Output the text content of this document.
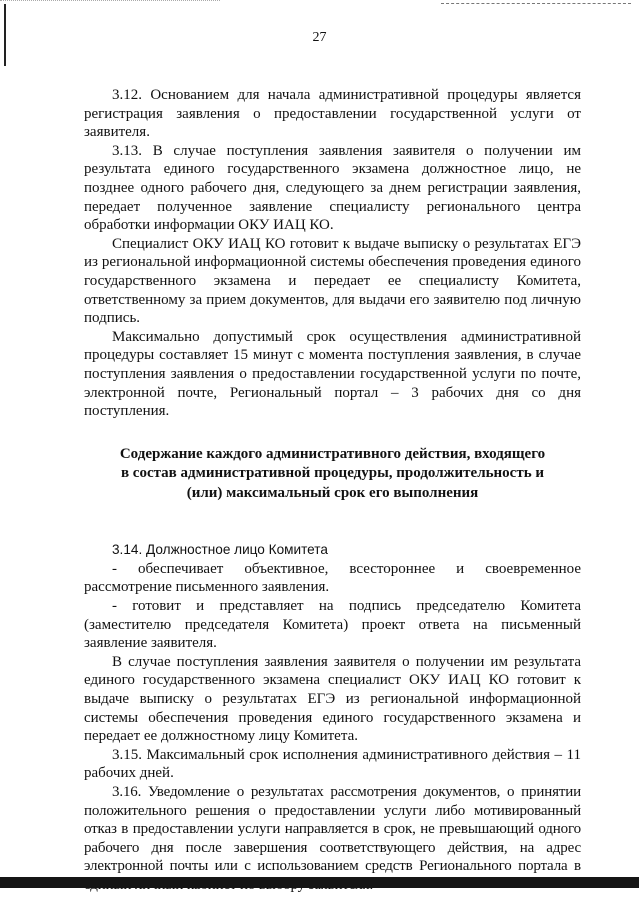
27

3.12. Основанием для начала административной процедуры является регистрация заявления о предоставлении государственной услуги от заявителя.

3.13. В случае поступления заявления заявителя о получении им результата единого государственного экзамена должностное лицо, не позднее одного рабочего дня, следующего за днем регистрации заявления, передает полученное заявление специалисту регионального центра обработки информации ОКУ ИАЦ КО.

Специалист ОКУ ИАЦ КО готовит к выдаче выписку о результатах ЕГЭ из региональной информационной системы обеспечения проведения единого государственного экзамена и передает ее специалисту Комитета, ответственному за прием документов, для выдачи его заявителю под личную подпись.

Максимально допустимый срок осуществления административной процедуры составляет 15 минут с момента поступления заявления, в случае поступления заявления о предоставлении государственной услуги по почте, электронной почте, Региональный портал – 3 рабочих дня со дня поступления.

Содержание каждого административного действия, входящего
в состав административной процедуры, продолжительность и
(или) максимальный срок его выполнения

3.14. Должностное лицо Комитета

- обеспечивает объективное, всестороннее и своевременное рассмотрение письменного заявления.

- готовит и представляет на подпись председателю Комитета (заместителю председателя Комитета) проект ответа на письменный заявление заявителя.

В случае поступления заявления заявителя о получении им результата единого государственного экзамена специалист ОКУ ИАЦ КО готовит к выдаче выписку о результатах ЕГЭ из региональной информационной системы обеспечения проведения единого государственного экзамена и передает ее должностному лицу Комитета.

3.15. Максимальный срок исполнения административного действия – 11 рабочих дней.

3.16. Уведомление о результатах рассмотрения документов, о принятии положительного решения о предоставлении услуги либо мотивированный отказ в предоставлении услуги направляется в срок, не превышающий одного рабочего дня после завершения соответствующего действия, на адрес электронной почты или с использованием средств Регионального портала в
